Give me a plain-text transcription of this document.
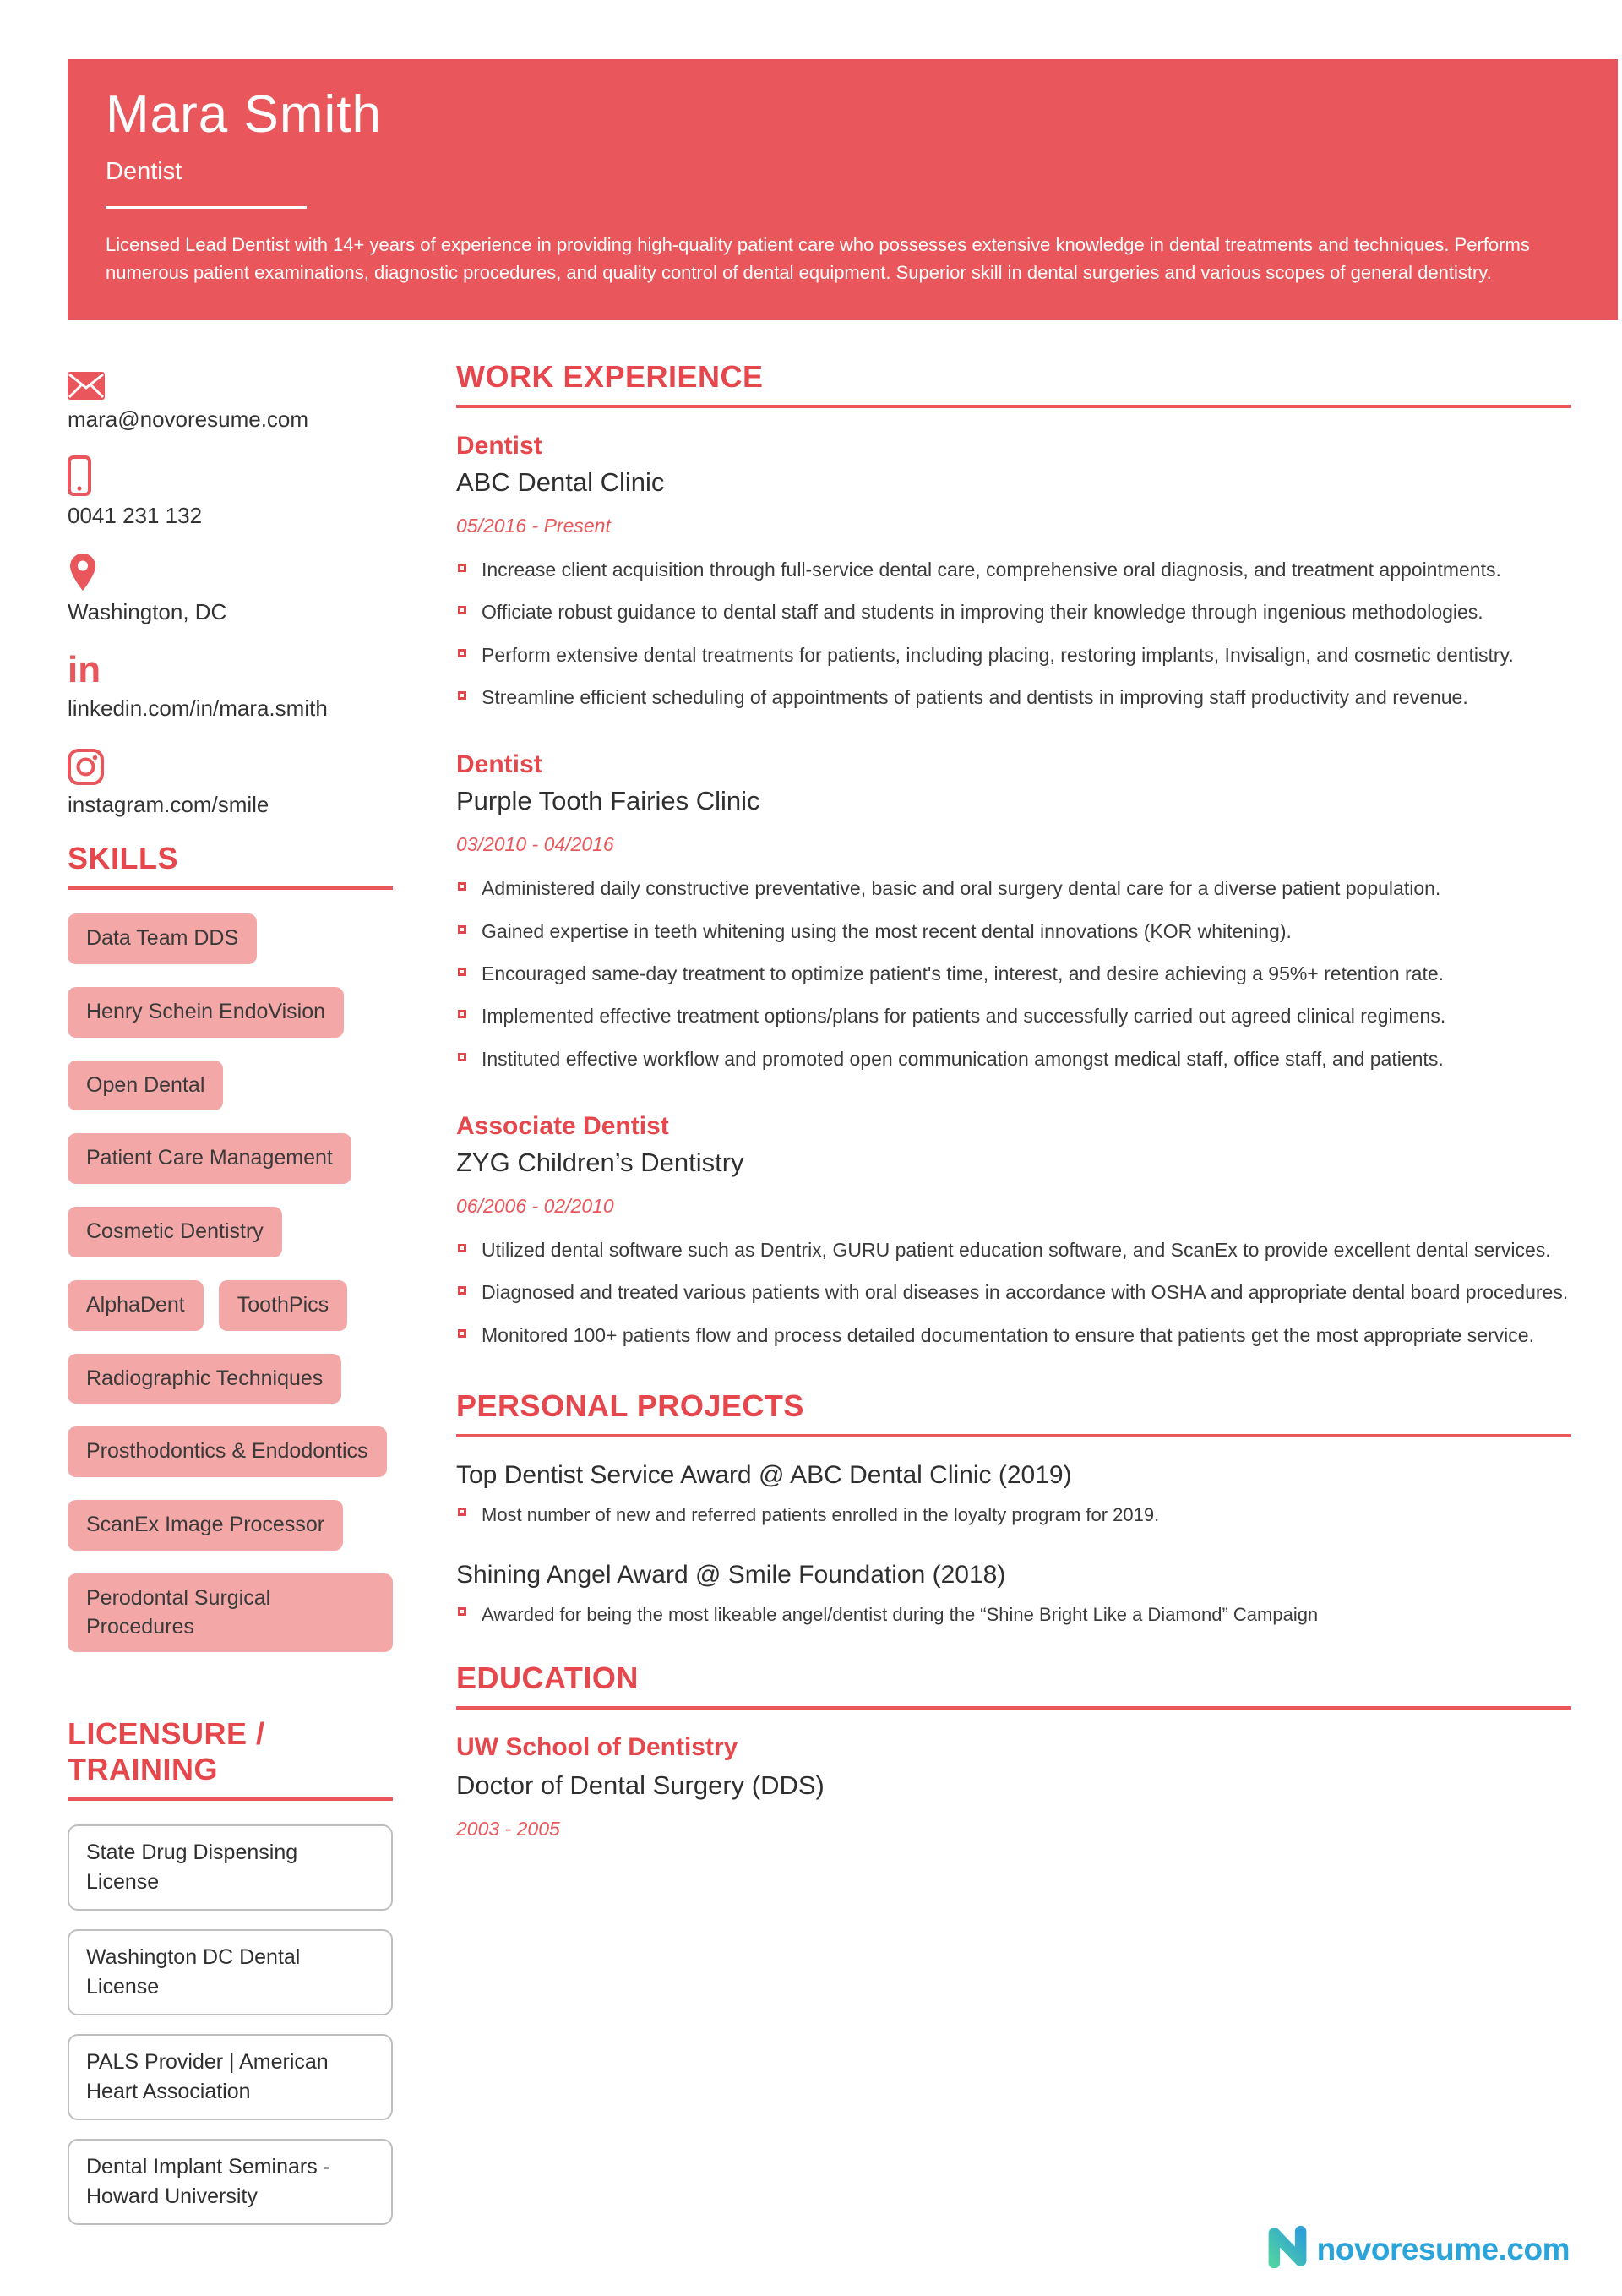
Mara Smith
Dentist
Licensed Lead Dentist with 14+ years of experience in providing high-quality patient care who possesses extensive knowledge in dental treatments and techniques. Performs numerous patient examinations, diagnostic procedures, and quality control of dental equipment. Superior skill in dental surgeries and various scopes of general dentistry.
mara@novoresume.com
0041 231 132
Washington, DC
in
linkedin.com/in/mara.smith
instagram.com/smile
SKILLS
Data Team DDS
Henry Schein EndoVision
Open Dental
Patient Care Management
Cosmetic Dentistry
AlphaDent	ToothPics
Radiographic Techniques
Prosthodontics & Endodontics
ScanEx Image Processor
Perodontal Surgical Procedures
LICENSURE / TRAINING
State Drug Dispensing License
Washington DC Dental License
PALS Provider | American Heart Association
Dental Implant Seminars - Howard University
WORK EXPERIENCE
Dentist
ABC Dental Clinic
05/2016 - Present
Increase client acquisition through full-service dental care, comprehensive oral diagnosis, and treatment appointments.
Officiate robust guidance to dental staff and students in improving their knowledge through ingenious methodologies.
Perform extensive dental treatments for patients, including placing, restoring implants, Invisalign, and cosmetic dentistry.
Streamline efficient scheduling of appointments of patients and dentists in improving staff productivity and revenue.
Dentist
Purple Tooth Fairies Clinic
03/2010 - 04/2016
Administered daily constructive preventative, basic and oral surgery dental care for a diverse patient population.
Gained expertise in teeth whitening using the most recent dental innovations (KOR whitening).
Encouraged same-day treatment to optimize patient's time, interest, and desire achieving a 95%+ retention rate.
Implemented effective treatment options/plans for patients and successfully carried out agreed clinical regimens.
Instituted effective workflow and promoted open communication amongst medical staff, office staff, and patients.
Associate Dentist
ZYG Children’s Dentistry
06/2006 - 02/2010
Utilized dental software such as Dentrix, GURU patient education software, and ScanEx to provide excellent dental services.
Diagnosed and treated various patients with oral diseases in accordance with OSHA and appropriate dental board procedures.
Monitored 100+ patients flow and process detailed documentation to ensure that patients get the most appropriate service.
PERSONAL PROJECTS
Top Dentist Service Award @ ABC Dental Clinic (2019)
Most number of new and referred patients enrolled in the loyalty program for 2019.
Shining Angel Award @ Smile Foundation (2018)
Awarded for being the most likeable angel/dentist during the “Shine Bright Like a Diamond” Campaign
EDUCATION
UW School of Dentistry
Doctor of Dental Surgery (DDS)
2003 - 2005
novoresume.com
